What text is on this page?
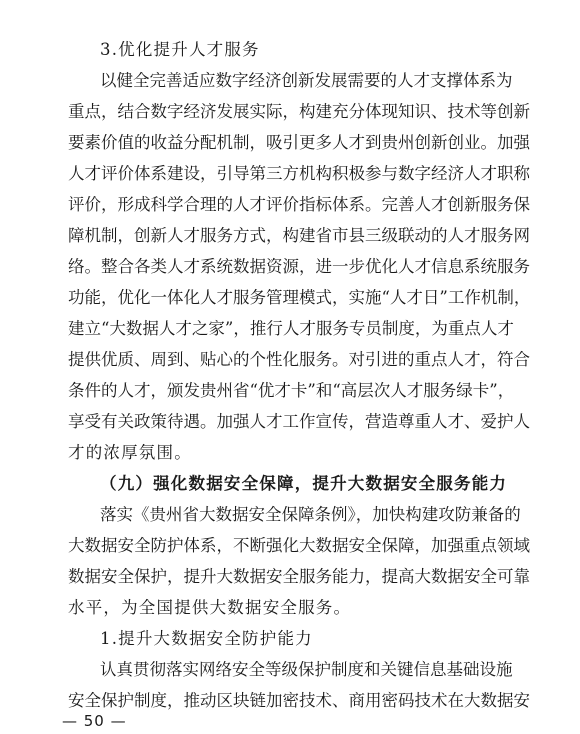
3.优化提升人才服务
以健全完善适应数字经济创新发展需要的人才支撑体系为
重点，结合数字经济发展实际，构建充分体现知识、技术等创新
要素价值的收益分配机制，吸引更多人才到贵州创新创业。加强
人才评价体系建设，引导第三方机构积极参与数字经济人才职称
评价，形成科学合理的人才评价指标体系。完善人才创新服务保
障机制，创新人才服务方式，构建省市县三级联动的人才服务网
络。整合各类人才系统数据资源，进一步优化人才信息系统服务
功能，优化一体化人才服务管理模式，实施“人才日”工作机制，
建立“大数据人才之家”，推行人才服务专员制度，为重点人才
提供优质、周到、贴心的个性化服务。对引进的重点人才，符合
条件的人才，颁发贵州省“优才卡”和“高层次人才服务绿卡”，
享受有关政策待遇。加强人才工作宣传，营造尊重人才、爱护人
才的浓厚氛围。
（九）强化数据安全保障，提升大数据安全服务能力
落实《贵州省大数据安全保障条例》，加快构建攻防兼备的
大数据安全防护体系，不断强化大数据安全保障，加强重点领域
数据安全保护，提升大数据安全服务能力，提高大数据安全可靠
水平，为全国提供大数据安全服务。
1.提升大数据安全防护能力
认真贯彻落实网络安全等级保护制度和关键信息基础设施
安全保护制度，推动区块链加密技术、商用密码技术在大数据安
— 50 —
